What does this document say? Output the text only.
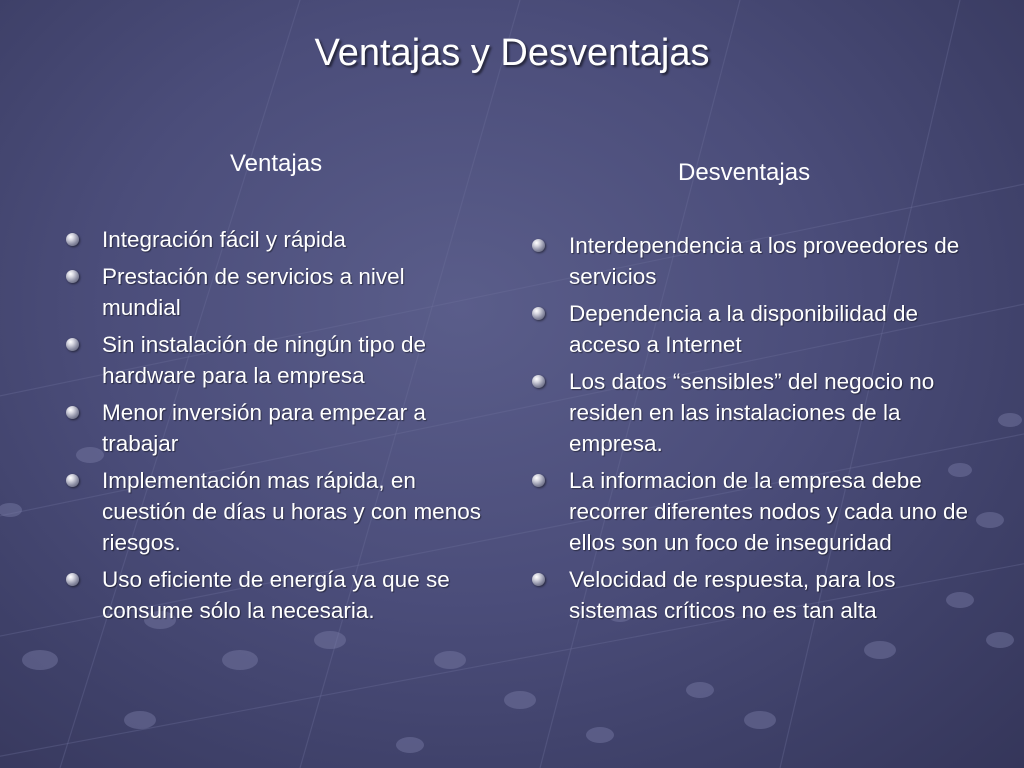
Ventajas y Desventajas
Ventajas	Desventajas
Integración fácil y rápida
Prestación de servicios a nivel mundial
Sin instalación de ningún tipo de hardware para la empresa
Menor inversión para empezar a trabajar
Implementación mas rápida, en cuestión de días u horas y con menos riesgos.
Uso eficiente de energía ya que se consume sólo la necesaria.
Interdependencia a los proveedores de servicios
Dependencia a la disponibilidad de acceso a Internet
Los datos “sensibles” del negocio no residen en las instalaciones de la empresa.
La informacion de la empresa debe recorrer diferentes nodos y cada uno de ellos son un foco de inseguridad
Velocidad de respuesta, para los sistemas críticos no es tan alta
